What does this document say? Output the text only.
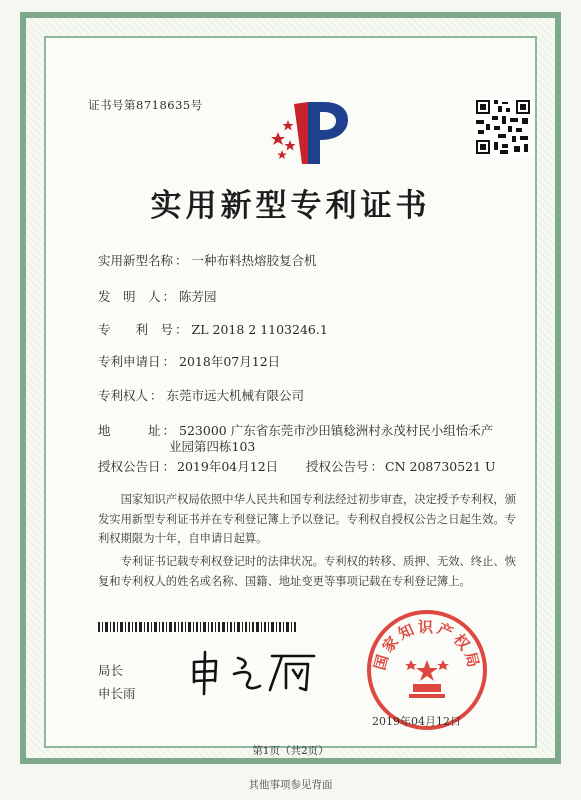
证书号第8718635号
实用新型专利证书
实用新型名称 ： 一种布料热熔胶复合机
发　明　人 ： 陈芳园
专　　利　号 ： ZL 2018 2 1103246.1
专利申请日 ： 2018年07月12日
专利权人 ： 东莞市远大机械有限公司
地　　　址 ： 523000 广东省东莞市沙田镇稔洲村永茂村民小组怡禾产
业园第四栋103
授权公告日 ： 2019年04月12日 授权公告号 ： CN 208730521 U
国家知识产权局依照中华人民共和国专利法经过初步审查，决定授予专利权，颁发实用新型专利证书并在专利登记簿上予以登记。专利权自授权公告之日起生效。专利权期限为十年，自申请日起算。
专利证书记载专利权登记时的法律状况。专利权的转移、质押、无效、终止、恢复和专利权人的姓名或名称、国籍、地址变更等事项记载在专利登记簿上。
局长
申长雨
国家知识产权局
2019年04月12日
第1页（共2页）
其他事项参见背面
